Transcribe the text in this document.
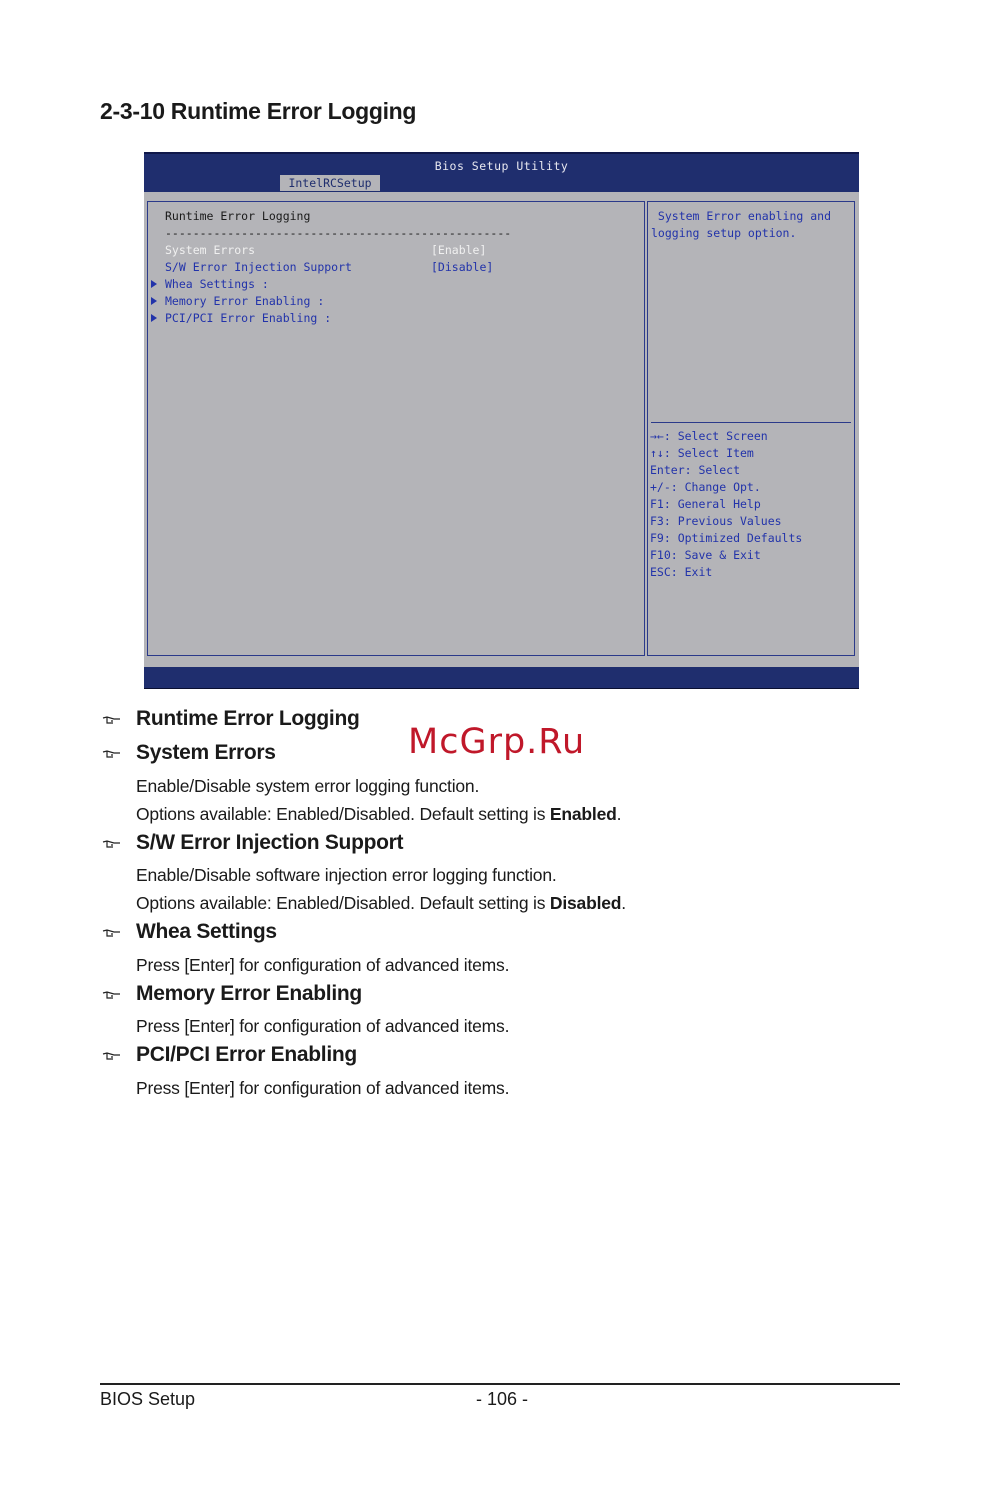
2-3-10 Runtime Error Logging
Bios Setup Utility
IntelRCSetup
Runtime Error Logging
--------------------------------------------------
System Errors	[Enable]
S/W Error Injection Support	[Disable]
Whea Settings :
Memory Error Enabling :
PCI/PCI Error Enabling :
System Error enabling and
logging setup option.
→←: Select Screen
↑↓: Select Item
Enter: Select
+/-: Change Opt.
F1: General Help
F3: Previous Values
F9: Optimized Defaults
F10: Save & Exit
ESC: Exit
Runtime Error Logging
McGrp.Ru
System Errors
Enable/Disable system error logging function.
Options available: Enabled/Disabled. Default setting is Enabled.
S/W Error Injection Support
Enable/Disable software injection error logging function.
Options available: Enabled/Disabled. Default setting is Disabled.
Whea Settings
Press [Enter] for configuration of advanced items.
Memory Error Enabling
Press [Enter] for configuration of advanced items.
PCI/PCI Error Enabling
Press [Enter] for configuration of advanced items.
BIOS Setup	- 106 -
